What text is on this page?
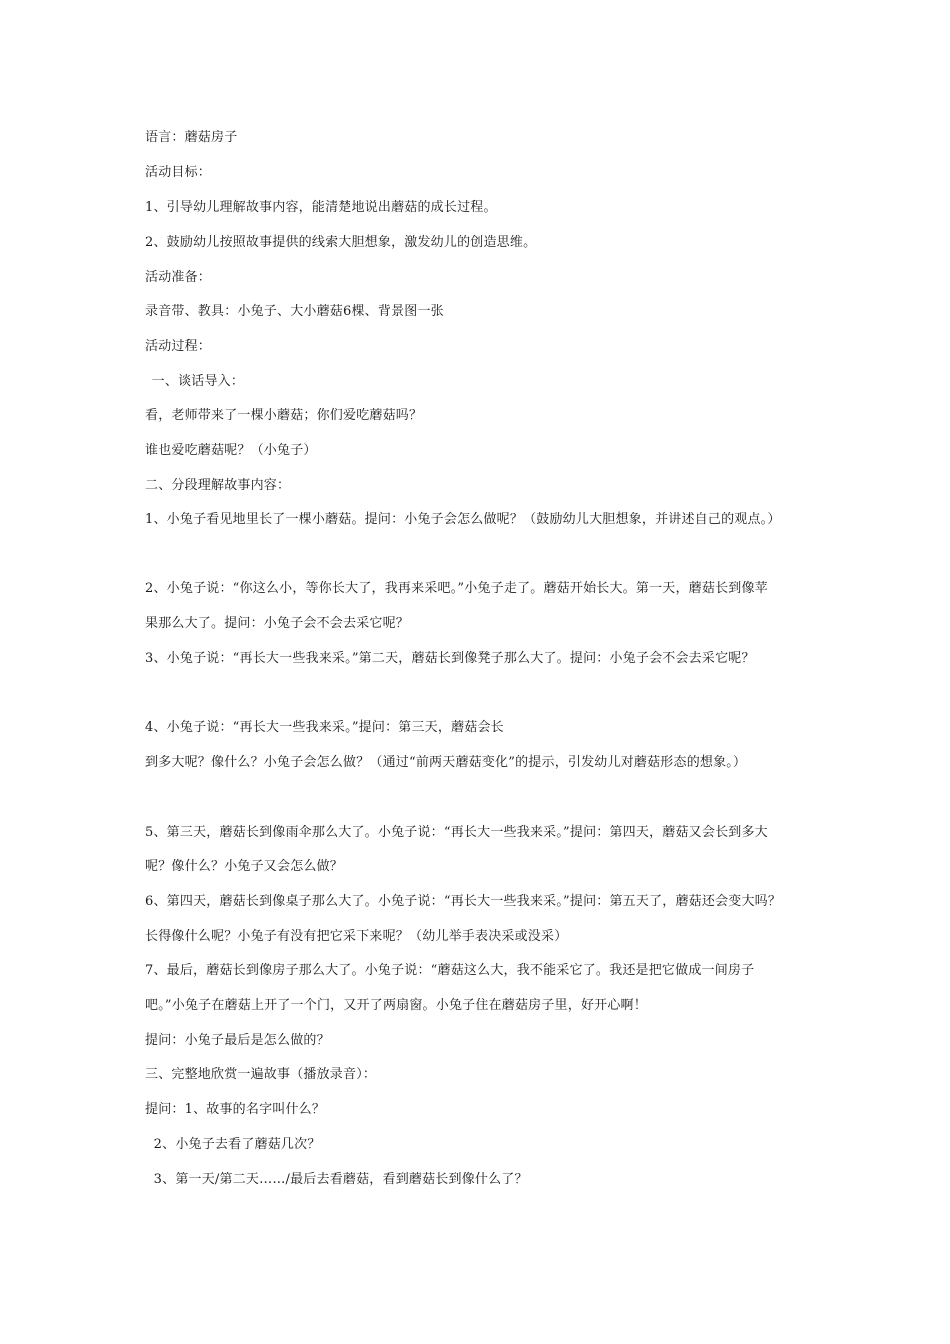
语言：蘑菇房子
活动目标：
1、引导幼儿理解故事内容，能清楚地说出蘑菇的成长过程。
2、鼓励幼儿按照故事提供的线索大胆想象，激发幼儿的创造思维。
活动准备：
录音带、教具：小兔子、大小蘑菇6棵、背景图一张
活动过程：
一、谈话导入：
看，老师带来了一棵小蘑菇；你们爱吃蘑菇吗？
谁也爱吃蘑菇呢？（小兔子）
二、分段理解故事内容：
1、小兔子看见地里长了一棵小蘑菇。提问：小兔子会怎么做呢？（鼓励幼儿大胆想象，并讲述自己的观点。）
2、小兔子说：“你这么小，等你长大了，我再来采吧。”小兔子走了。蘑菇开始长大。第一天，蘑菇长到像苹
果那么大了。提问：小兔子会不会去采它呢？
3、小兔子说：“再长大一些我来采。”第二天，蘑菇长到像凳子那么大了。提问：小兔子会不会去采它呢？
4、小兔子说：“再长大一些我来采。”提问：第三天，蘑菇会长
到多大呢？像什么？小兔子会怎么做？（通过“前两天蘑菇变化”的提示，引发幼儿对蘑菇形态的想象。）
5、第三天，蘑菇长到像雨伞那么大了。小兔子说：“再长大一些我来采。”提问：第四天，蘑菇又会长到多大
呢？像什么？小兔子又会怎么做？
6、第四天，蘑菇长到像桌子那么大了。小兔子说：“再长大一些我来采。”提问：第五天了，蘑菇还会变大吗？
长得像什么呢？小兔子有没有把它采下来呢？（幼儿举手表决采或没采）
7、最后，蘑菇长到像房子那么大了。小兔子说：“蘑菇这么大，我不能采它了。我还是把它做成一间房子
吧。”小兔子在蘑菇上开了一个门，又开了两扇窗。小兔子住在蘑菇房子里，好开心啊！
提问：小兔子最后是怎么做的？
三、完整地欣赏一遍故事（播放录音）：
提问：1、故事的名字叫什么？
2、小兔子去看了蘑菇几次？
3、第一天/第二天……/最后去看蘑菇，看到蘑菇长到像什么了？
